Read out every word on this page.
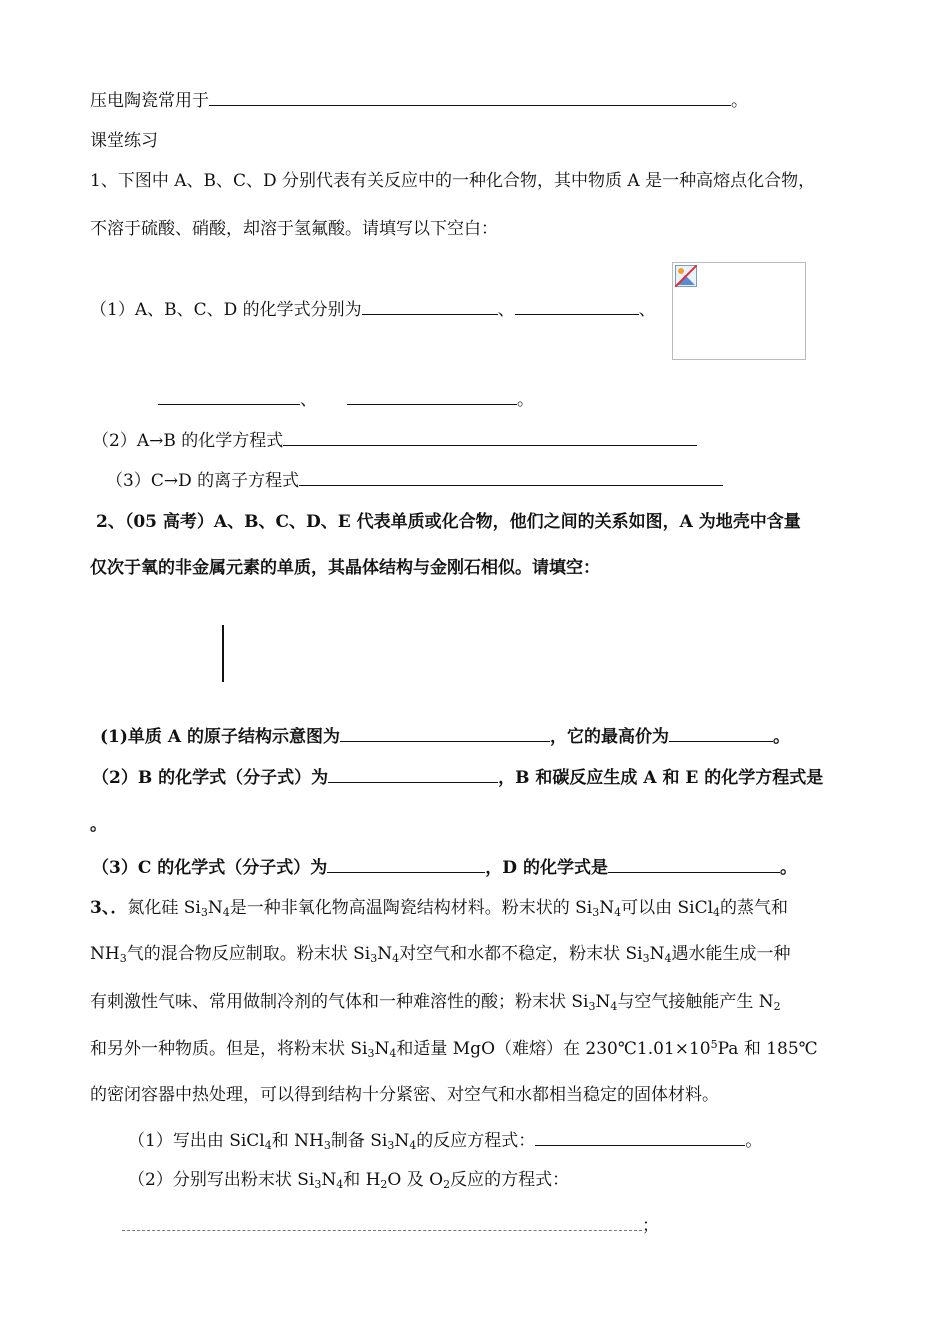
压电陶瓷常用于	。
课堂练习
1、下图中 A、B、C、D 分别代表有关反应中的一种化合物，其中物质 A 是一种高熔点化合物，
不溶于硫酸、硝酸，却溶于氢氟酸。请填写以下空白：
（1）A、B、C、D 的化学式分别为	、	、
、	。
（2）A→B 的化学方程式
（3）C→D 的离子方程式
2、（05 高考）A、B、C、D、E 代表单质或化合物，他们之间的关系如图，A 为地壳中含量
仅次于氧的非金属元素的单质，其晶体结构与金刚石相似。请填空：
(1)单质 A 的原子结构示意图为	，它的最高价为	。
（2）B 的化学式（分子式）为	，B 和碳反应生成 A 和 E 的化学方程式是
。
（3）C 的化学式（分子式）为	，D 的化学式是	。
3、．氮化硅 $Si_3N_4$是一种非氧化物高温陶瓷结构材料。粉末状的 $Si_3N_4$可以由 SiCl$_4$的蒸气和
$NH_3$气的混合物反应制取。粉末状 $Si_3N_4$对空气和水都不稳定，粉末状 $Si_3N_4$遇水能生成一种
有刺激性气味、常用做制冷剂的气体和一种难溶性的酸；粉末状 $Si_3N_4$与空气接触能产生 $N_2$
和另外一种物质。但是，将粉末状 $Si_3N_4$和适量 MgO（难熔）在 $230℃1.01\times 10^5Pa$ 和 185℃
的密闭容器中热处理，可以得到结构十分紧密、对空气和水都相当稳定的固体材料。
（1）写出由 SiCl$_4$和 $NH_3$制备 $Si_3N_4$的反应方程式：	。
（2）分别写出粉末状 $Si_3N_4$和 $H_2O$ 及 $O_2$反应的方程式：
；
